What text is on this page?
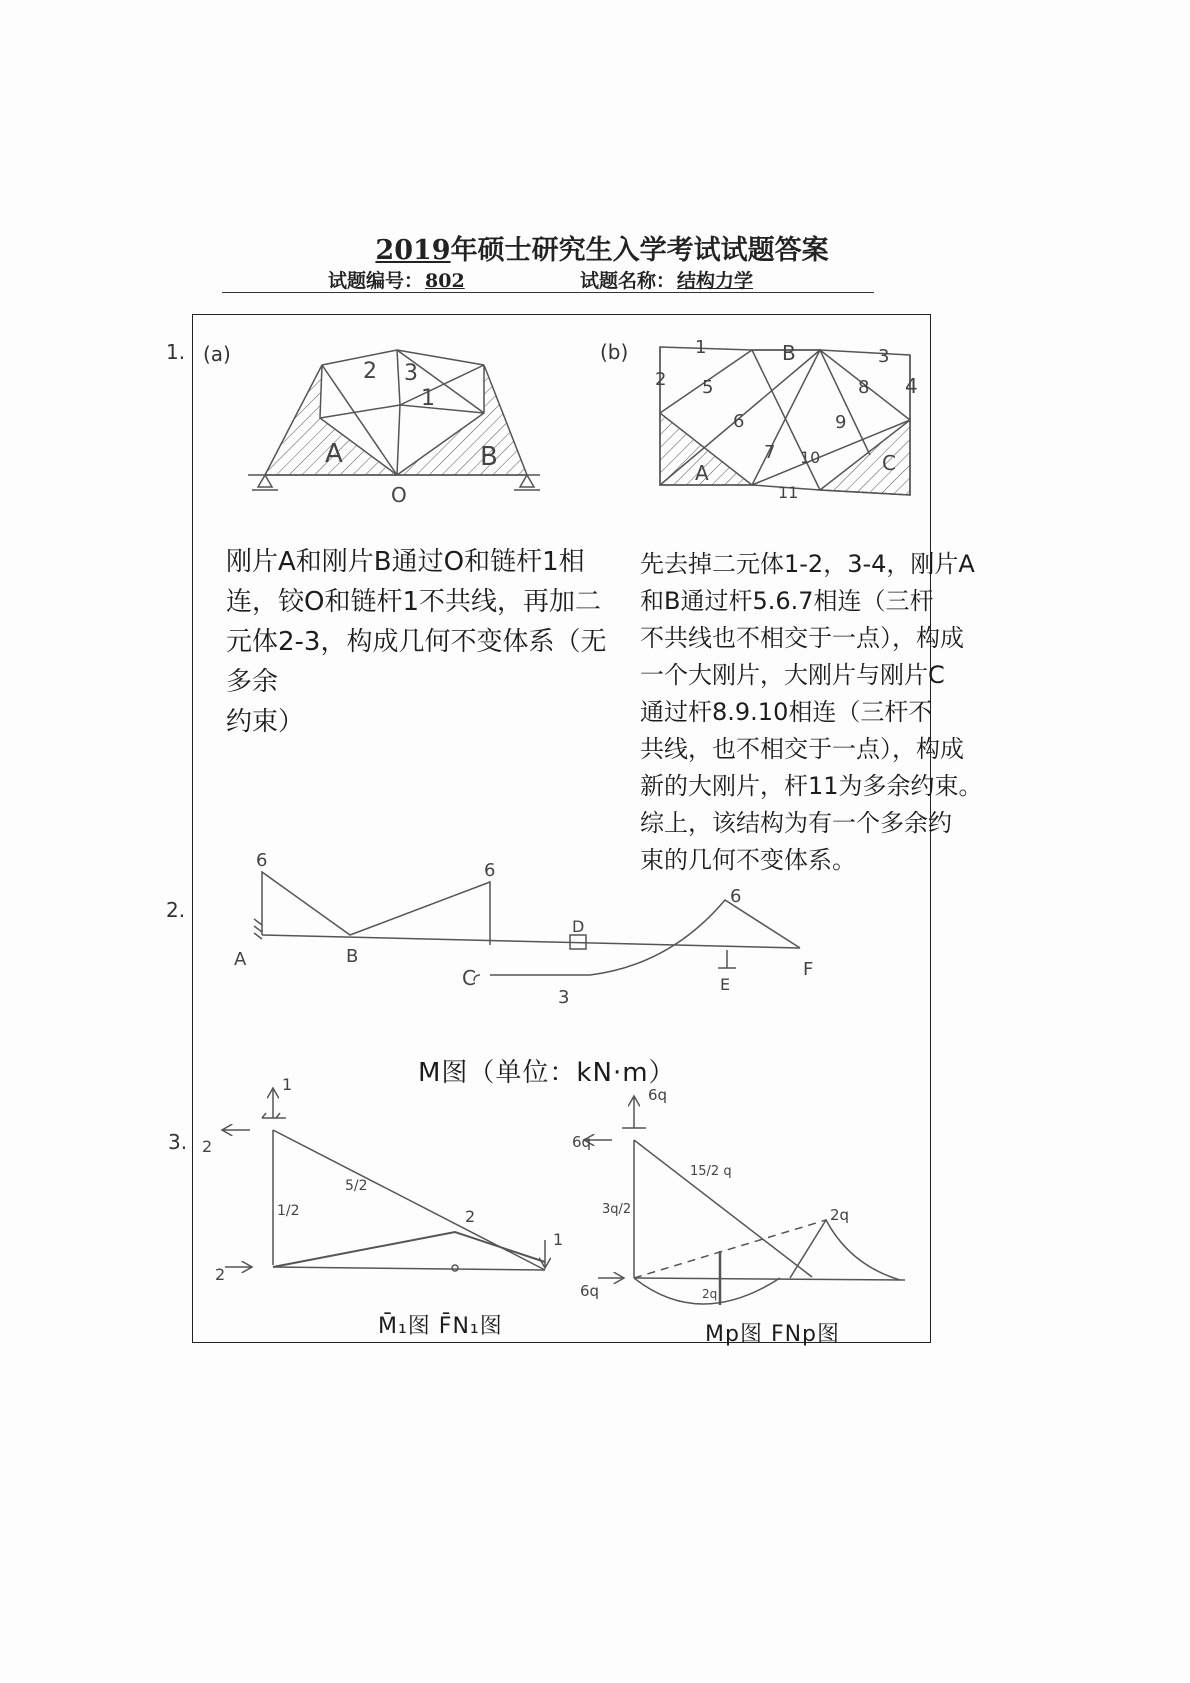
2019年硕士研究生入学考试试题答案
试题编号： 802	试题名称： 结构力学
1. (a)	(b)
2.
3.
刚片A和刚片B通过O和链杆1相
连，铰O和链杆1不共线，再加二
元体2-3，构成几何不变体系（无多余
约束）
先去掉二元体1-2，3-4，刚片A
和B通过杆5.6.7相连（三杆
不共线也不相交于一点），构成
一个大刚片，大刚片与刚片C
通过杆8.9.10相连（三杆不
共线，也不相交于一点），构成
新的大刚片，杆11为多余约束。
综上，该结构为有一个多余约
束的几何不变体系。
M图（单位：kN·m）
M̄₁图 F̄N₁图	Mp图 FNp图
2 3
1
A	B
O
1
2
3
4
5
6
7
8
9
10
11
A
B
C
6	6
6
3
A	B
C
D
E
F
1
2
2
1/2
5/2
2
1
6q
6q
6q
3q/2
15/2 q
2q
2q
